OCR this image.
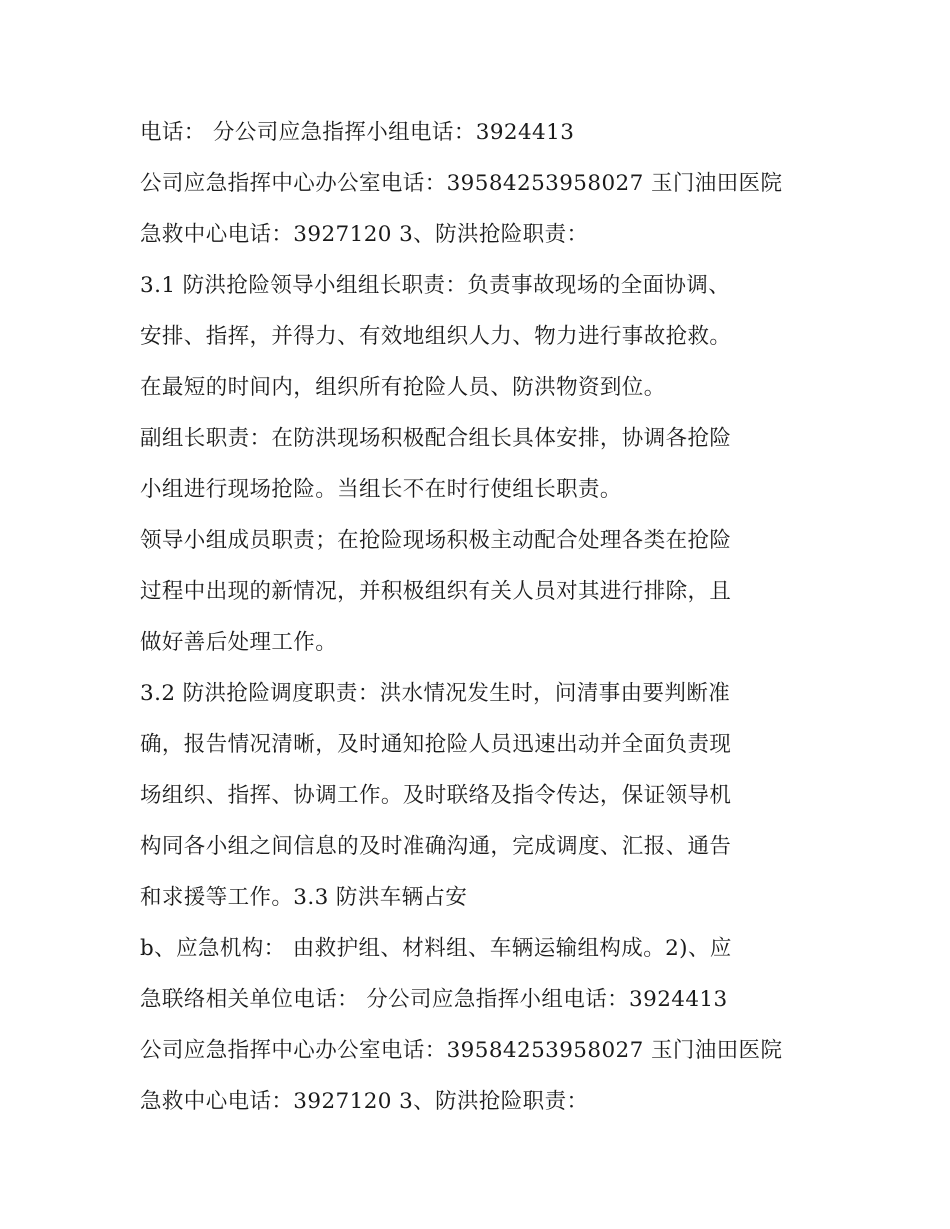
电话： 分公司应急指挥小组电话：3924413
公司应急指挥中心办公室电话：39584253958027 玉门油田医院
急救中心电话：3927120 3、防洪抢险职责：
3.1 防洪抢险领导小组组长职责：负责事故现场的全面协调、
安排、指挥，并得力、有效地组织人力、物力进行事故抢救。
在最短的时间内，组织所有抢险人员、防洪物资到位。
副组长职责：在防洪现场积极配合组长具体安排，协调各抢险
小组进行现场抢险。当组长不在时行使组长职责。
领导小组成员职责；在抢险现场积极主动配合处理各类在抢险
过程中出现的新情况，并积极组织有关人员对其进行排除，且
做好善后处理工作。
3.2 防洪抢险调度职责：洪水情况发生时，问清事由要判断准
确，报告情况清晰，及时通知抢险人员迅速出动并全面负责现
场组织、指挥、协调工作。及时联络及指令传达，保证领导机
构同各小组之间信息的及时准确沟通，完成调度、汇报、通告
和求援等工作。3.3 防洪车辆占安
b、应急机构： 由救护组、材料组、车辆运输组构成。2)、应
急联络相关单位电话： 分公司应急指挥小组电话：3924413
公司应急指挥中心办公室电话：39584253958027 玉门油田医院
急救中心电话：3927120 3、防洪抢险职责：
